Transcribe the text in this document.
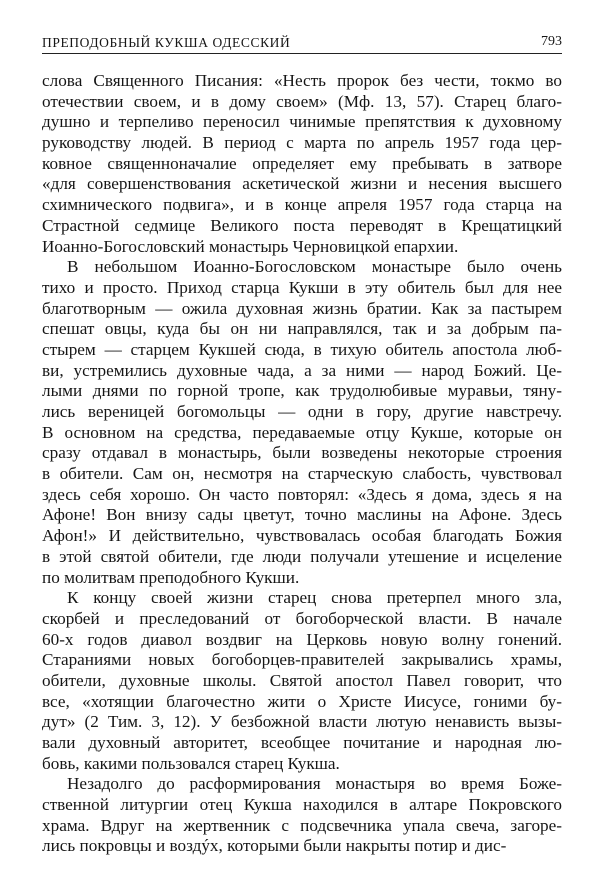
ПРЕПОДОБНЫЙ КУКША ОДЕССКИЙ	793
слова Священного Писания: «Несть пророк без чести, токмо во
отечествии своем, и в дому своем» (Мф. 13, 57). Старец благо-
душно и терпеливо переносил чинимые препятствия к духовному
руководству людей. В период с марта по апрель 1957 года цер-
ковное священноначалие определяет ему пребывать в затворе
«для совершенствования аскетической жизни и несения высшего
схимнического подвига», и в конце апреля 1957 года старца на
Страстной седмице Великого поста переводят в Крещатицкий
Иоанно-Богословский монастырь Черновицкой епархии.
В небольшом Иоанно-Богословском монастыре было очень
тихо и просто. Приход старца Кукши в эту обитель был для нее
благотворным — ожила духовная жизнь братии. Как за пастырем
спешат овцы, куда бы он ни направлялся, так и за добрым па-
стырем — старцем Кукшей сюда, в тихую обитель апостола люб-
ви, устремились духовные чада, а за ними — народ Божий. Це-
лыми днями по горной тропе, как трудолюбивые муравьи, тяну-
лись вереницей богомольцы — одни в гору, другие навстречу.
В основном на средства, передаваемые отцу Кукше, которые он
сразу отдавал в монастырь, были возведены некоторые строения
в обители. Сам он, несмотря на старческую слабость, чувствовал
здесь себя хорошо. Он часто повторял: «Здесь я дома, здесь я на
Афоне! Вон внизу сады цветут, точно маслины на Афоне. Здесь
Афон!» И действительно, чувствовалась особая благодать Божия
в этой святой обители, где люди получали утешение и исцеление
по молитвам преподобного Кукши.
К концу своей жизни старец снова претерпел много зла,
скорбей и преследований от богоборческой власти. В начале
60-х годов диавол воздвиг на Церковь новую волну гонений.
Стараниями новых богоборцев-правителей закрывались храмы,
обители, духовные школы. Святой апостол Павел говорит, что
все, «хотящии благочестно жити о Христе Иисусе, гоними бу-
дут» (2 Тим. 3, 12). У безбожной власти лютую ненависть вызы-
вали духовный авторитет, всеобщее почитание и народная лю-
бовь, какими пользовался старец Кукша.
Незадолго до расформирования монастыря во время Боже-
ственной литургии отец Кукша находился в алтаре Покровского
храма. Вдруг на жертвенник с подсвечника упала свеча, загоре-
лись покровцы и воздýх, которыми были накрыты потир и дис-
